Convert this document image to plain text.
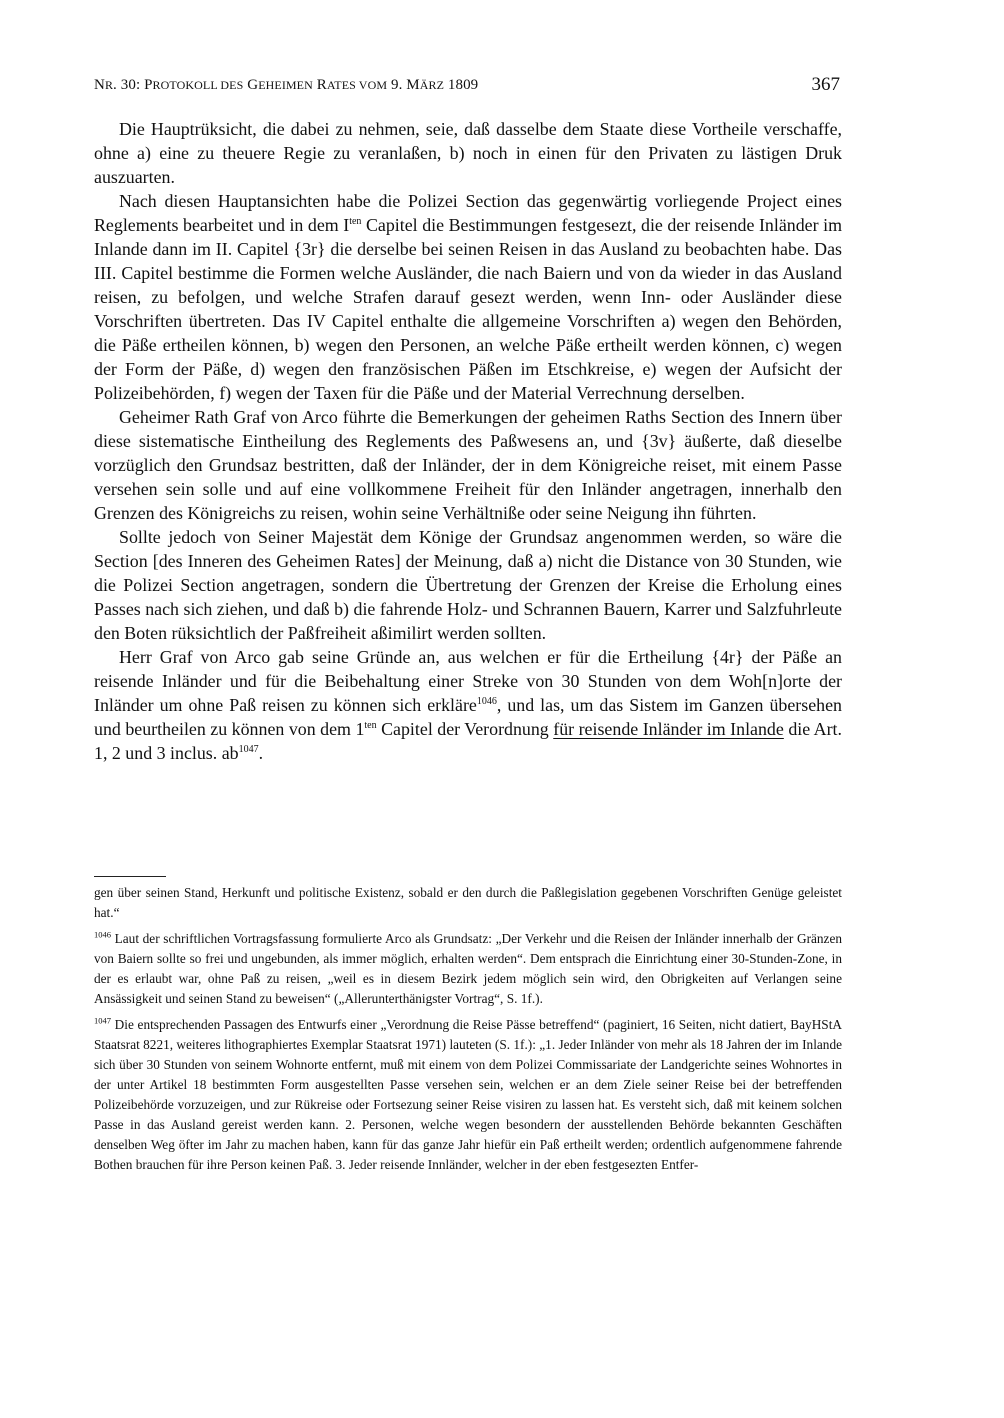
NR. 30: PROTOKOLL DES GEHEIMEN RATES VOM 9. MÄRZ 1809	367

Die Hauptrüksicht, die dabei zu nehmen, seie, daß dasselbe dem Staate diese Vortheile verschaffe, ohne a) eine zu theuere Regie zu veranlaßen, b) noch in einen für den Privaten zu lästigen Druk auszuarten.

Nach diesen Hauptansichten habe die Polizei Section das gegenwärtig vorliegende Project eines Reglements bearbeitet und in dem $I^{ten}$ Capitel die Bestimmungen festgesezt, die der reisende Inländer im Inlande dann im II. Capitel {3r} die derselbe bei seinen Reisen in das Ausland zu beobachten habe. Das III. Capitel bestimme die Formen welche Ausländer, die nach Baiern und von da wieder in das Ausland reisen, zu befolgen, und welche Strafen darauf gesezt werden, wenn Inn- oder Ausländer diese Vorschriften übertreten. Das IV Capitel enthalte die allgemeine Vorschriften a) wegen den Behörden, die Päße ertheilen können, b) wegen den Personen, an welche Päße ertheilt werden können, c) wegen der Form der Päße, d) wegen den französischen Päßen im Etschkreise, e) wegen der Aufsicht der Polizeibehörden, f) wegen der Taxen für die Päße und der Material Verrechnung derselben.

Geheimer Rath Graf von Arco führte die Bemerkungen der geheimen Raths Section des Innern über diese sistematische Eintheilung des Reglements des Paßwesens an, und {3v} äußerte, daß dieselbe vorzüglich den Grundsaz bestritten, daß der Inländer, der in dem Königreiche reiset, mit einem Passe versehen sein solle und auf eine vollkommene Freiheit für den Inländer angetragen, innerhalb den Grenzen des Königreichs zu reisen, wohin seine Verhältniße oder seine Neigung ihn führten.

Sollte jedoch von Seiner Majestät dem Könige der Grundsaz angenommen werden, so wäre die Section [des Inneren des Geheimen Rates] der Meinung, daß a) nicht die Distance von 30 Stunden, wie die Polizei Section angetragen, sondern die Übertretung der Grenzen der Kreise die Erholung eines Passes nach sich ziehen, und daß b) die fahrende Holz- und Schrannen Bauern, Karrer und Salzfuhrleute den Boten rüksichtlich der Paßfreiheit aßimilirt werden sollten.

Herr Graf von Arco gab seine Gründe an, aus welchen er für die Ertheilung {4r} der Päße an reisende Inländer und für die Beibehaltung einer Streke von 30 Stunden von dem Woh[n]orte der Inländer um ohne Paß reisen zu können sich erkläre$^{1046}$, und las, um das Sistem im Ganzen übersehen und beurtheilen zu können von dem $1^{ten}$ Capitel der Verordnung für reisende Inländer im Inlande die Art. 1, 2 und 3 inclus. $ab^{1047}$.

gen über seinen Stand, Herkunft und politische Existenz, sobald er den durch die Paßlegislation gegebenen Vorschriften Genüge geleistet hat.“

$^{1046}$ Laut der schriftlichen Vortragsfassung formulierte Arco als Grundsatz: „Der Verkehr und die Reisen der Inländer innerhalb der Gränzen von Baiern sollte so frei und ungebunden, als immer möglich, erhalten werden“. Dem entsprach die Einrichtung einer 30-Stunden-Zone, in der es erlaubt war, ohne Paß zu reisen, „weil es in diesem Bezirk jedem möglich sein wird, den Obrigkeiten auf Verlangen seine Ansässigkeit und seinen Stand zu beweisen“ („Allerunterthänigster Vortrag“, S. 1f.).

$^{1047}$ Die entsprechenden Passagen des Entwurfs einer „Verordnung die Reise Pässe betreffend“ (paginiert, 16 Seiten, nicht datiert, BayHStA Staatsrat 8221, weiteres lithographiertes Exemplar Staatsrat 1971) lauteten (S. 1f.): „1. Jeder Inländer von mehr als 18 Jahren der im Inlande sich über 30 Stunden von seinem Wohnorte entfernt, muß mit einem von dem Polizei Commissariate der Landgerichte seines Wohnortes in der unter Artikel 18 bestimmten Form ausgestellten Passe versehen sein, welchen er an dem Ziele seiner Reise bei der betreffenden Polizeibehörde vorzuzeigen, und zur Rükreise oder Fortsezung seiner Reise visiren zu lassen hat. Es versteht sich, daß mit keinem solchen Passe in das Ausland gereist werden kann. 2. Personen, welche wegen besondern der ausstellenden Behörde bekannten Geschäften denselben Weg öfter im Jahr zu machen haben, kann für das ganze Jahr hiefür ein Paß ertheilt werden; ordentlich aufgenommene fahrende Bothen brauchen für ihre Person keinen Paß. 3. Jeder reisende Innländer, welcher in der eben festgesezten Entfer-
